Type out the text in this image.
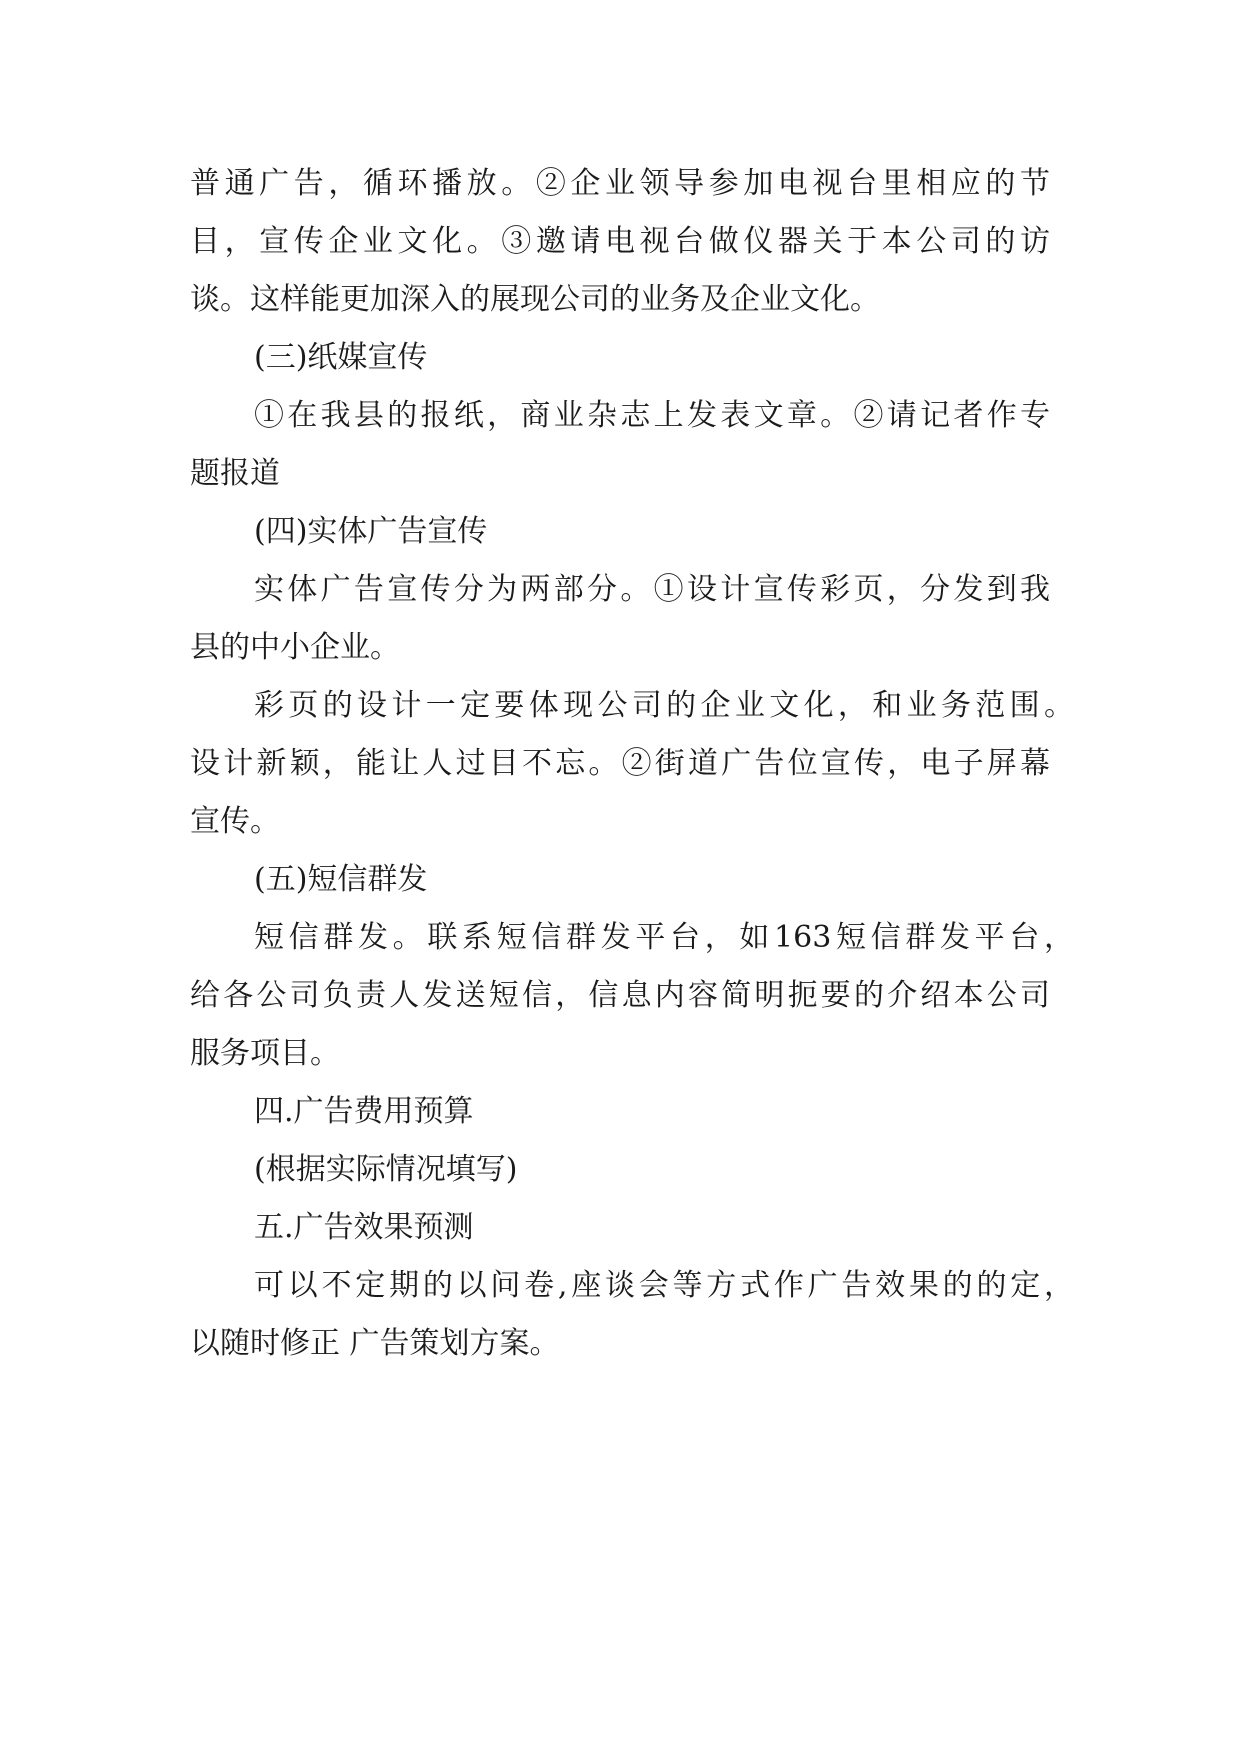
普通广告，循环播放。②企业领导参加电视台里相应的节
目，宣传企业文化。③邀请电视台做仪器关于本公司的访
谈。这样能更加深入的展现公司的业务及企业文化。
(三)纸媒宣传
①在我县的报纸，商业杂志上发表文章。②请记者作专
题报道
(四)实体广告宣传
实体广告宣传分为两部分。①设计宣传彩页，分发到我
县的中小企业。
彩页的设计一定要体现公司的企业文化，和业务范围。
设计新颖，能让人过目不忘。②街道广告位宣传，电子屏幕
宣传。
(五)短信群发
短信群发。联系短信群发平台，如163短信群发平台，
给各公司负责人发送短信，信息内容简明扼要的介绍本公司
服务项目。
四.广告费用预算
(根据实际情况填写)
五.广告效果预测
可以不定期的以问卷,座谈会等方式作广告效果的的定，
以随时修正 广告策划方案。
